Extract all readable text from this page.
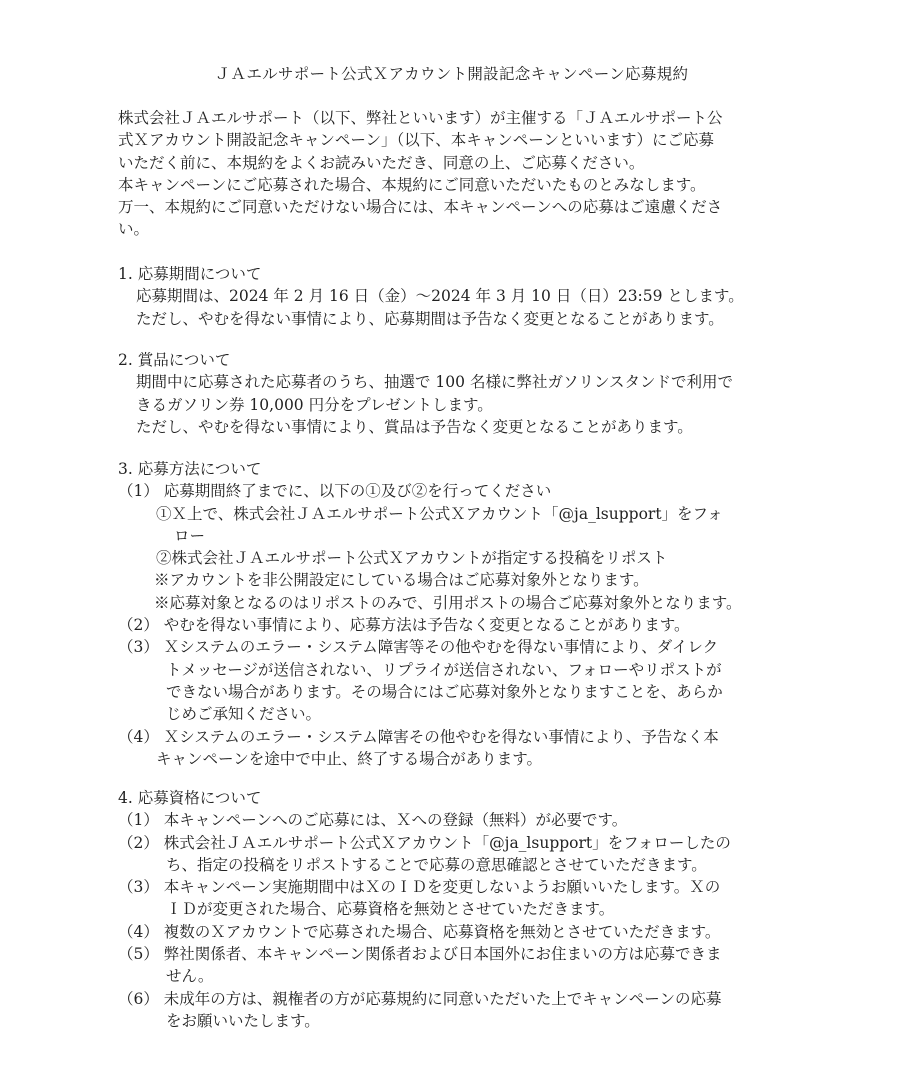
ＪＡエルサポート公式Ｘアカウント開設記念キャンペーン応募規約
株式会社ＪＡエルサポート（以下、弊社といいます）が主催する「ＪＡエルサポート公
式Ｘアカウント開設記念キャンペーン」（以下、本キャンペーンといいます）にご応募
いただく前に、本規約をよくお読みいただき、同意の上、ご応募ください。
本キャンペーンにご応募された場合、本規約にご同意いただいたものとみなします。
万一、本規約にご同意いただけない場合には、本キャンペーンへの応募はご遠慮くださ
い。
1. 応募期間について
応募期間は、2024 年 2 月 16 日（金）～2024 年 3 月 10 日（日）23:59 とします。
ただし、やむを得ない事情により、応募期間は予告なく変更となることがあります。
2. 賞品について
期間中に応募された応募者のうち、抽選で 100 名様に弊社ガソリンスタンドで利用で
きるガソリン券 10,000 円分をプレゼントします。
ただし、やむを得ない事情により、賞品は予告なく変更となることがあります。
3. 応募方法について
（1） 応募期間終了までに、以下の①及び②を行ってください
①Ｘ上で、株式会社ＪＡエルサポート公式Ｘアカウント「@ja_lsupport」をフォ
ロー
②株式会社ＪＡエルサポート公式Ｘアカウントが指定する投稿をリポスト
※アカウントを非公開設定にしている場合はご応募対象外となります。
※応募対象となるのはリポストのみで、引用ポストの場合ご応募対象外となります。
（2） やむを得ない事情により、応募方法は予告なく変更となることがあります。
（3） Ｘシステムのエラー・システム障害等その他やむを得ない事情により、ダイレク
トメッセージが送信されない、リプライが送信されない、フォローやリポストが
できない場合があります。その場合にはご応募対象外となりますことを、あらか
じめご承知ください。
（4） Ｘシステムのエラー・システム障害その他やむを得ない事情により、予告なく本
キャンペーンを途中で中止、終了する場合があります。
4. 応募資格について
（1） 本キャンペーンへのご応募には、Ｘへの登録（無料）が必要です。
（2） 株式会社ＪＡエルサポート公式Ｘアカウント「@ja_lsupport」をフォローしたの
ち、指定の投稿をリポストすることで応募の意思確認とさせていただきます。
（3） 本キャンペーン実施期間中はＸのＩＤを変更しないようお願いいたします。Ｘの
ＩＤが変更された場合、応募資格を無効とさせていただきます。
（4） 複数のＸアカウントで応募された場合、応募資格を無効とさせていただきます。
（5） 弊社関係者、本キャンペーン関係者および日本国外にお住まいの方は応募できま
せん。
（6） 未成年の方は、親権者の方が応募規約に同意いただいた上でキャンペーンの応募
をお願いいたします。
